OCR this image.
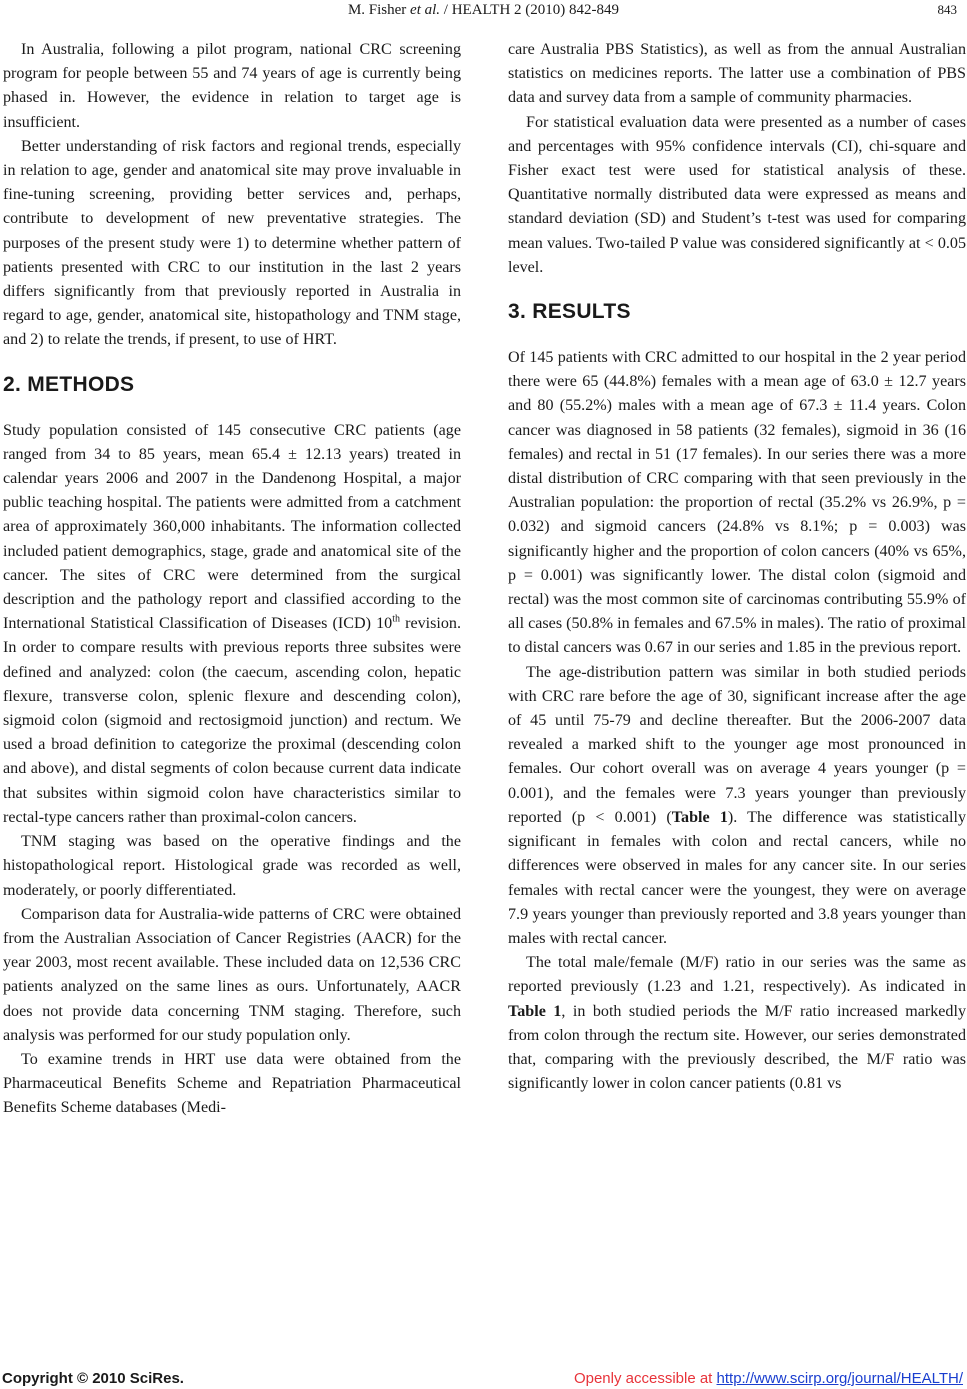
M. Fisher et al. / HEALTH 2 (2010) 842-849	843

In Australia, following a pilot program, national CRC screening program for people between 55 and 74 years of age is currently being phased in. However, the evidence in relation to target age is insufficient.

Better understanding of risk factors and regional trends, especially in relation to age, gender and anatomical site may prove invaluable in fine-tuning screening, providing better services and, perhaps, contribute to development of new preventative strategies. The purposes of the present study were 1) to determine whether pattern of patients presented with CRC to our institution in the last 2 years differs significantly from that previously reported in Australia in regard to age, gender, anatomical site, histopathology and TNM stage, and 2) to relate the trends, if present, to use of HRT.

2. METHODS

Study population consisted of 145 consecutive CRC patients (age ranged from 34 to 85 years, mean 65.4 ± 12.13 years) treated in calendar years 2006 and 2007 in the Dandenong Hospital, a major public teaching hospital. The patients were admitted from a catchment area of approximately 360,000 inhabitants. The information collected included patient demographics, stage, grade and anatomical site of the cancer. The sites of CRC were determined from the surgical description and the pathology report and classified according to the International Statistical Classification of Diseases (ICD) 10th revision. In order to compare results with previous reports three subsites were defined and analyzed: colon (the caecum, ascending colon, hepatic flexure, transverse colon, splenic flexure and descending colon), sigmoid colon (sigmoid and rectosigmoid junction) and rectum. We used a broad definition to categorize the proximal (descending colon and above), and distal segments of colon because current data indicate that subsites within sigmoid colon have characteristics similar to rectal-type cancers rather than proximal-colon cancers.

TNM staging was based on the operative findings and the histopathological report. Histological grade was recorded as well, moderately, or poorly differentiated.

Comparison data for Australia-wide patterns of CRC were obtained from the Australian Association of Cancer Registries (AACR) for the year 2003, most recent available. These included data on 12,536 CRC patients analyzed on the same lines as ours. Unfortunately, AACR does not provide data concerning TNM staging. Therefore, such analysis was performed for our study population only.

To examine trends in HRT use data were obtained from the Pharmaceutical Benefits Scheme and Repatriation Pharmaceutical Benefits Scheme databases (Medi-

care Australia PBS Statistics), as well as from the annual Australian statistics on medicines reports. The latter use a combination of PBS data and survey data from a sample of community pharmacies.

For statistical evaluation data were presented as a number of cases and percentages with 95% confidence intervals (CI), chi-square and Fisher exact test were used for statistical analysis of these. Quantitative normally distributed data were expressed as means and standard deviation (SD) and Student’s t-test was used for comparing mean values. Two-tailed P value was considered significantly at < 0.05 level.

3. RESULTS

Of 145 patients with CRC admitted to our hospital in the 2 year period there were 65 (44.8%) females with a mean age of 63.0 ± 12.7 years and 80 (55.2%) males with a mean age of 67.3 ± 11.4 years. Colon cancer was diagnosed in 58 patients (32 females), sigmoid in 36 (16 females) and rectal in 51 (17 females). In our series there was a more distal distribution of CRC comparing with that seen previously in the Australian population: the proportion of rectal (35.2% vs 26.9%, p = 0.032) and sigmoid cancers (24.8% vs 8.1%; p = 0.003) was significantly higher and the proportion of colon cancers (40% vs 65%, p = 0.001) was significantly lower. The distal colon (sigmoid and rectal) was the most common site of carcinomas contributing 55.9% of all cases (50.8% in females and 67.5% in males). The ratio of proximal to distal cancers was 0.67 in our series and 1.85 in the previous report.

The age-distribution pattern was similar in both studied periods with CRC rare before the age of 30, significant increase after the age of 45 until 75-79 and decline thereafter. But the 2006-2007 data revealed a marked shift to the younger age most pronounced in females. Our cohort overall was on average 4 years younger (p = 0.001), and the females were 7.3 years younger than previously reported (p < 0.001) (Table 1). The difference was statistically significant in females with colon and rectal cancers, while no differences were observed in males for any cancer site. In our series females with rectal cancer were the youngest, they were on average 7.9 years younger than previously reported and 3.8 years younger than males with rectal cancer.

The total male/female (M/F) ratio in our series was the same as reported previously (1.23 and 1.21, respectively). As indicated in Table 1, in both studied periods the M/F ratio increased markedly from colon through the rectum site. However, our series demonstrated that, comparing with the previously described, the M/F ratio was significantly lower in colon cancer patients (0.81 vs

Copyright © 2010 SciRes.	Openly accessible at http://www.scirp.org/journal/HEALTH/
